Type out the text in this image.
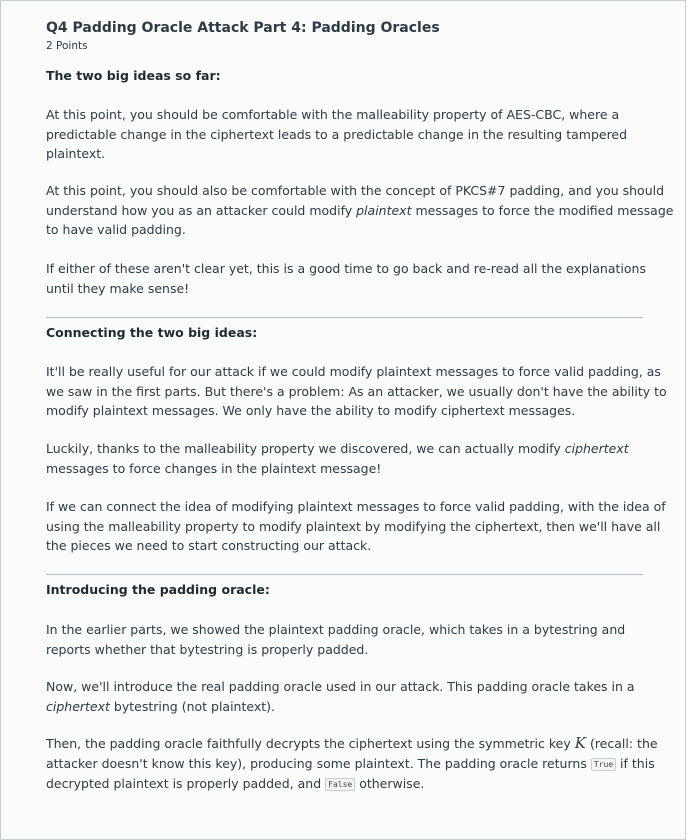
Q4 Padding Oracle Attack Part 4: Padding Oracles
2 Points

The two big ideas so far:

At this point, you should be comfortable with the malleability property of AES-CBC, where a
predictable change in the ciphertext leads to a predictable change in the resulting tampered
plaintext.

At this point, you should also be comfortable with the concept of PKCS#7 padding, and you should
understand how you as an attacker could modify plaintext messages to force the modified message
to have valid padding.

If either of these aren't clear yet, this is a good time to go back and re-read all the explanations
until they make sense!

Connecting the two big ideas:

It'll be really useful for our attack if we could modify plaintext messages to force valid padding, as
we saw in the first parts. But there's a problem: As an attacker, we usually don't have the ability to
modify plaintext messages. We only have the ability to modify ciphertext messages.

Luckily, thanks to the malleability property we discovered, we can actually modify ciphertext
messages to force changes in the plaintext message!

If we can connect the idea of modifying plaintext messages to force valid padding, with the idea of
using the malleability property to modify plaintext by modifying the ciphertext, then we'll have all
the pieces we need to start constructing our attack.

Introducing the padding oracle:

In the earlier parts, we showed the plaintext padding oracle, which takes in a bytestring and
reports whether that bytestring is properly padded.

Now, we'll introduce the real padding oracle used in our attack. This padding oracle takes in a
ciphertext bytestring (not plaintext).

Then, the padding oracle faithfully decrypts the ciphertext using the symmetric key K (recall: the
attacker doesn't know this key), producing some plaintext. The padding oracle returns True if this
decrypted plaintext is properly padded, and False otherwise.
